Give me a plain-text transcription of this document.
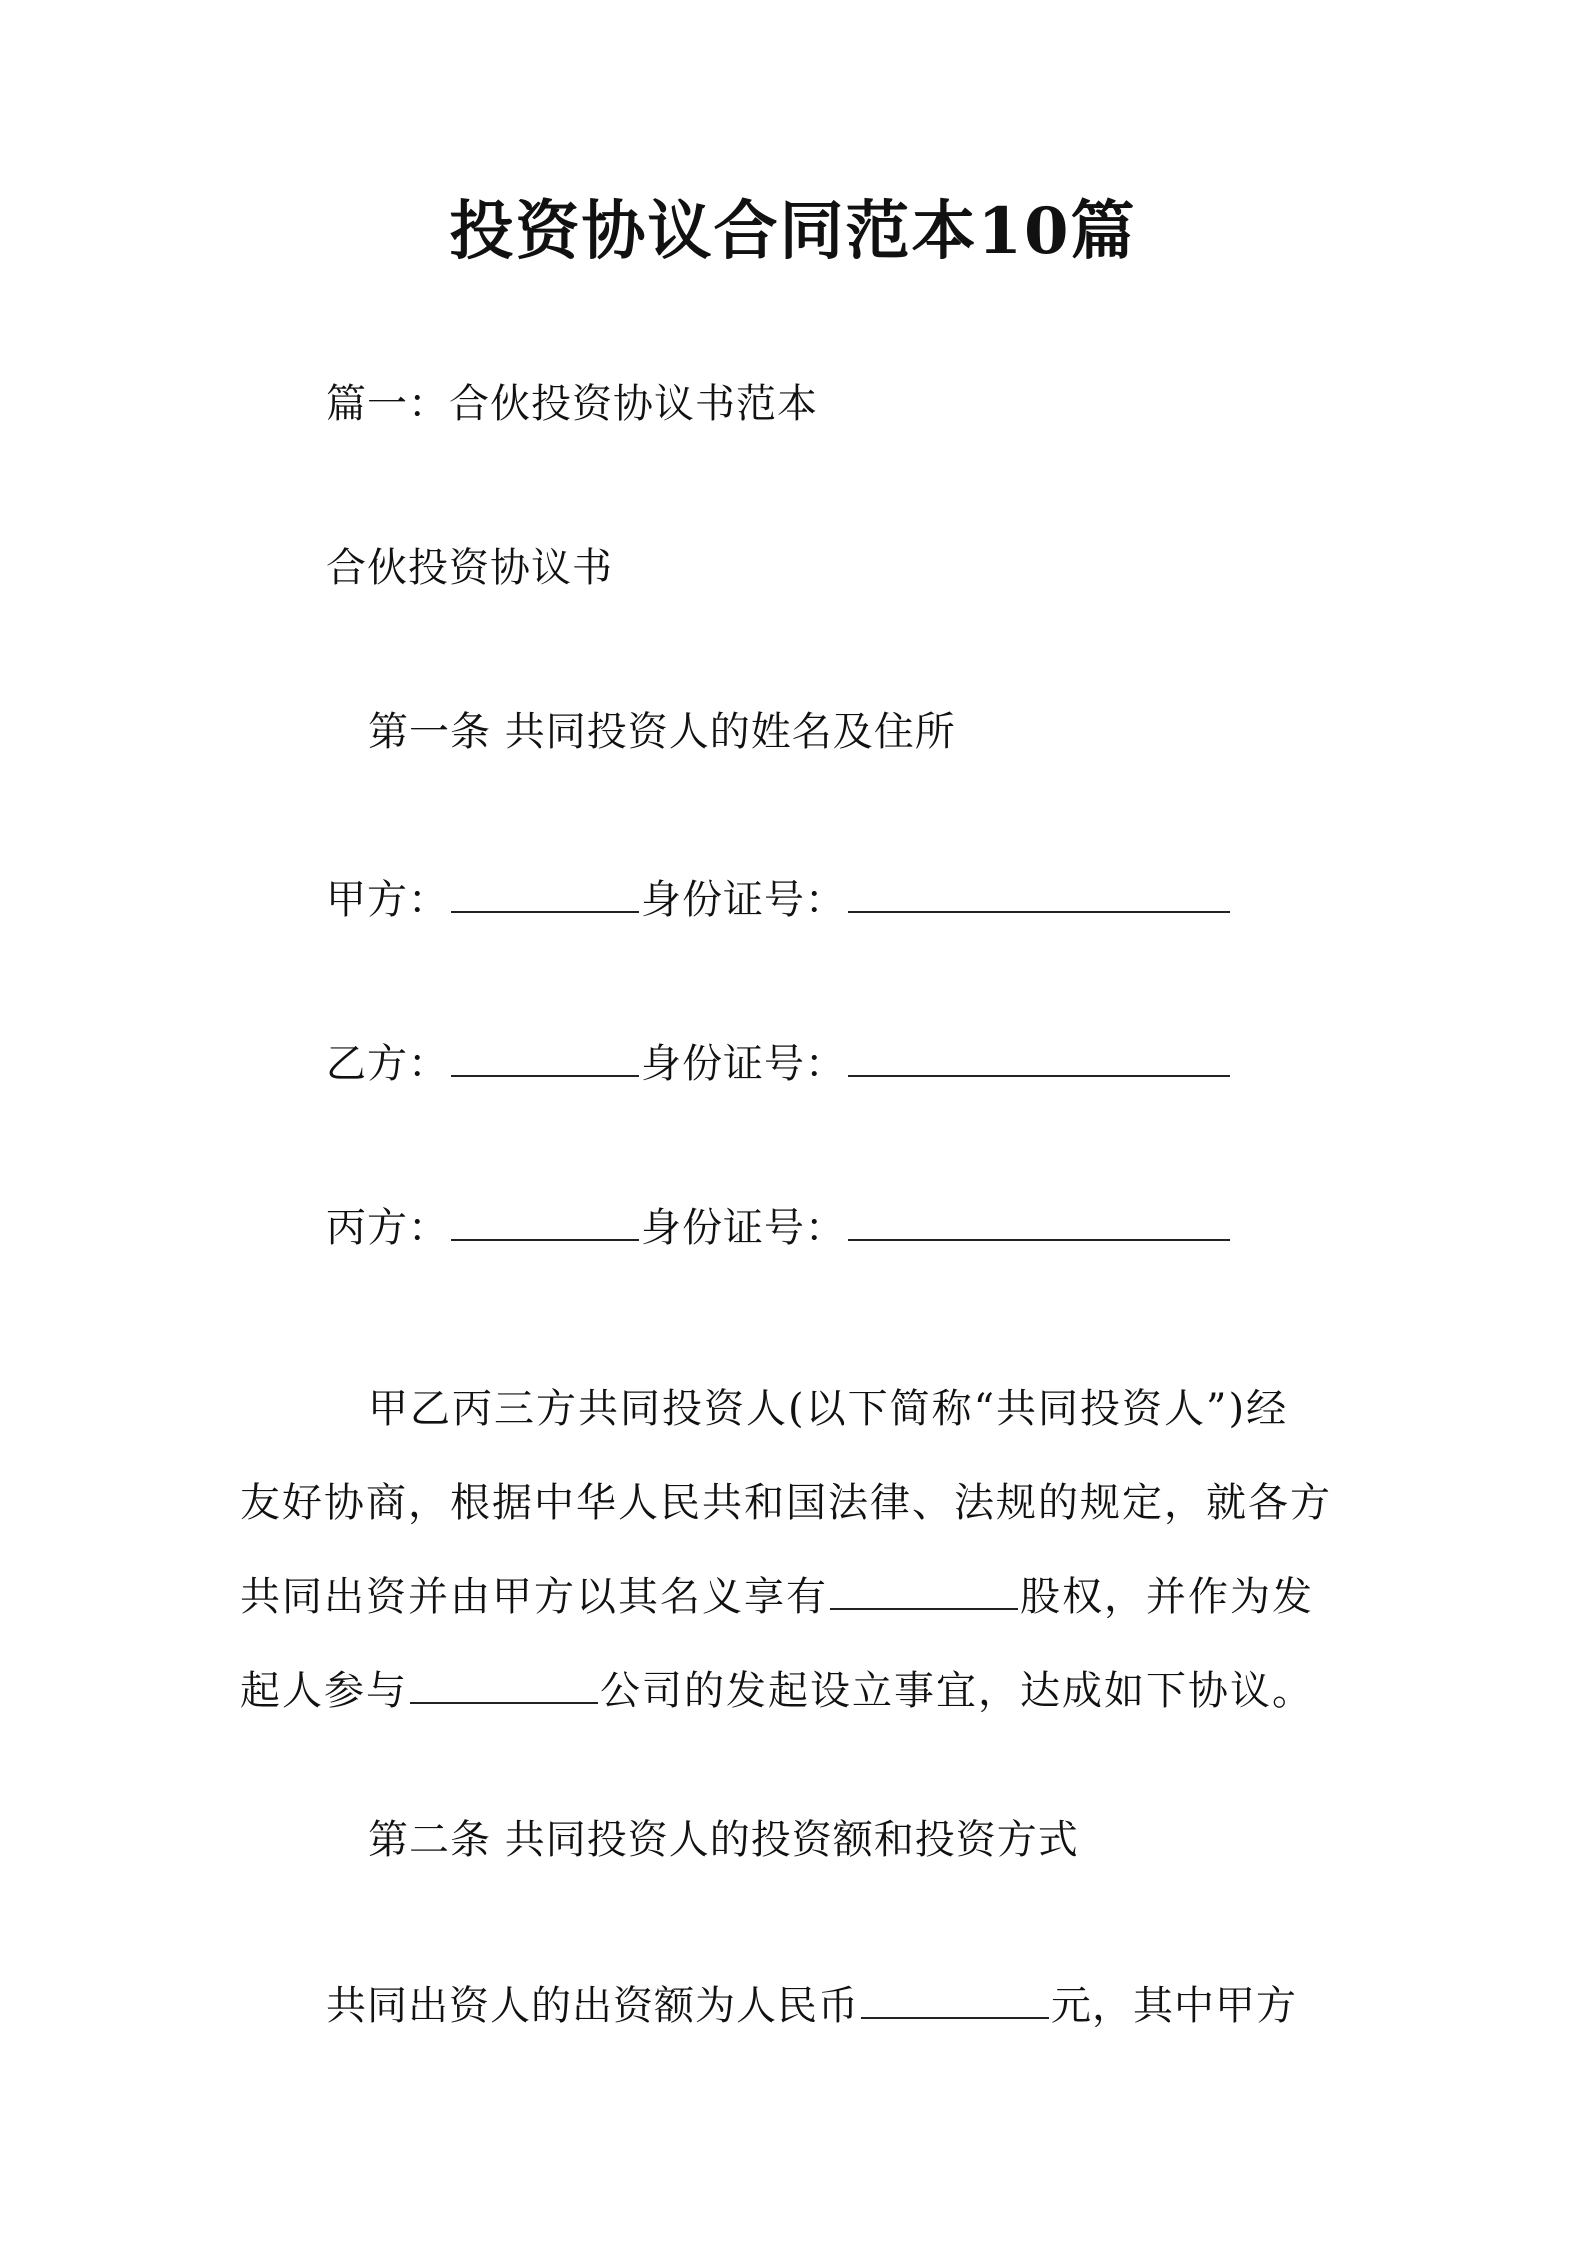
投资协议合同范本10篇
篇一：合伙投资协议书范本
合伙投资协议书
第一条 共同投资人的姓名及住所
甲方：	身份证号：
乙方：	身份证号：
丙方：	身份证号：
甲乙丙三方共同投资人(以下简称“共同投资人”)经
友好协商，根据中华人民共和国法律、法规的规定，就各方
共同出资并由甲方以其名义享有	股权，并作为发
起人参与	公司的发起设立事宜，达成如下协议。
第二条 共同投资人的投资额和投资方式
共同出资人的出资额为人民币	元，其中甲方
